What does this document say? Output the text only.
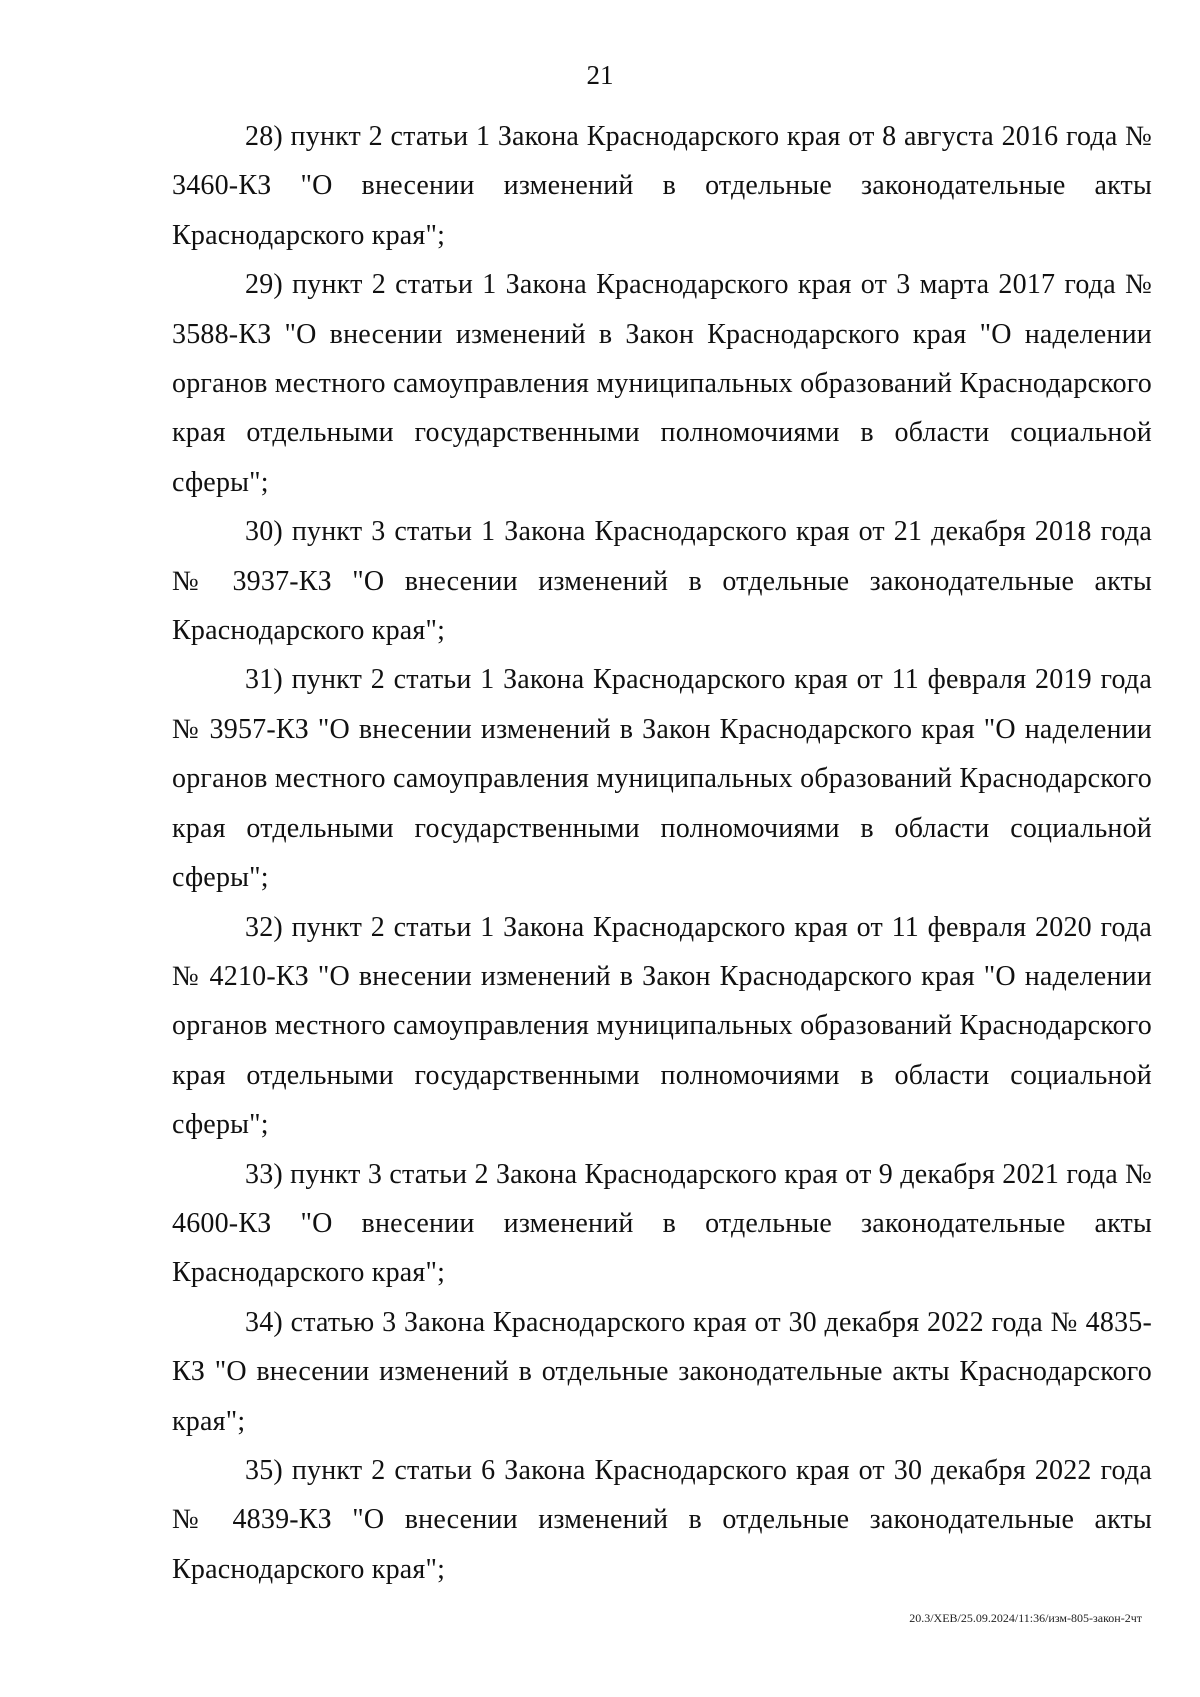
21

28) пункт 2 статьи 1 Закона Краснодарского края от 8 августа 2016 года № 3460-КЗ "О внесении изменений в отдельные законодательные акты Краснодарского края";

29) пункт 2 статьи 1 Закона Краснодарского края от 3 марта 2017 года № 3588-КЗ "О внесении изменений в Закон Краснодарского края "О наделении органов местного самоуправления муниципальных образований Краснодарского края отдельными государственными полномочиями в области социальной сферы";

30) пункт 3 статьи 1 Закона Краснодарского края от 21 декабря 2018 года № 3937-КЗ "О внесении изменений в отдельные законодательные акты Краснодарского края";

31) пункт 2 статьи 1 Закона Краснодарского края от 11 февраля 2019 года № 3957-КЗ "О внесении изменений в Закон Краснодарского края "О наделении органов местного самоуправления муниципальных образований Краснодарского края отдельными государственными полномочиями в области социальной сферы";

32) пункт 2 статьи 1 Закона Краснодарского края от 11 февраля 2020 года № 4210-КЗ "О внесении изменений в Закон Краснодарского края "О наделении органов местного самоуправления муниципальных образований Краснодарского края отдельными государственными полномочиями в области социальной сферы";

33) пункт 3 статьи 2 Закона Краснодарского края от 9 декабря 2021 года № 4600-КЗ "О внесении изменений в отдельные законодательные акты Краснодарского края";

34) статью 3 Закона Краснодарского края от 30 декабря 2022 года № 4835-КЗ "О внесении изменений в отдельные законодательные акты Краснодарского края";

35) пункт 2 статьи 6 Закона Краснодарского края от 30 декабря 2022 года № 4839-КЗ "О внесении изменений в отдельные законодательные акты Краснодарского края";

20.3/ХЕВ/25.09.2024/11:36/изм-805-закон-2чт
